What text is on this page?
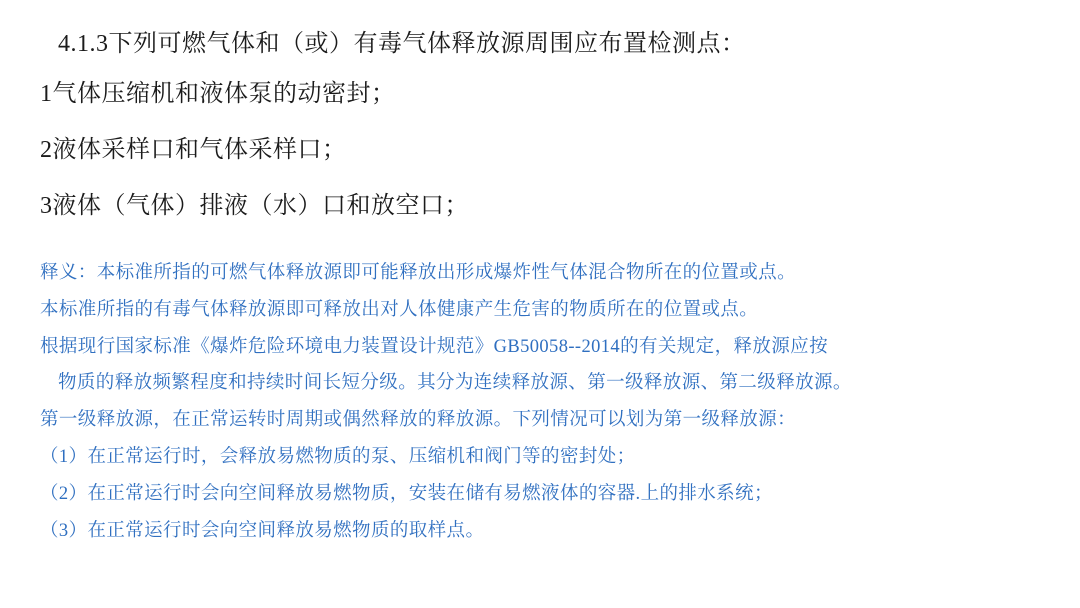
4.1.3下列可燃气体和（或）有毒气体释放源周围应布置检测点：
1气体压缩机和液体泵的动密封；
2液体采样口和气体采样口；
3液体（气体）排液（水）口和放空口；

释义：本标准所指的可燃气体释放源即可能释放出形成爆炸性气体混合物所在的位置或点。

本标准所指的有毒气体释放源即可释放出对人体健康产生危害的物质所在的位置或点。

根据现行国家标准《爆炸危险环境电力装置设计规范》GB50058--2014的有关规定，释放源应按

物质的释放频繁程度和持续时间长短分级。其分为连续释放源、第一级释放源、第二级释放源。

第一级释放源，在正常运转时周期或偶然释放的释放源。下列情况可以划为第一级释放源：

（1）在正常运行时，会释放易燃物质的泵、压缩机和阀门等的密封处；

（2）在正常运行时会向空间释放易燃物质，安装在储有易燃液体的容器.上的排水系统；

（3）在正常运行时会向空间释放易燃物质的取样点。
